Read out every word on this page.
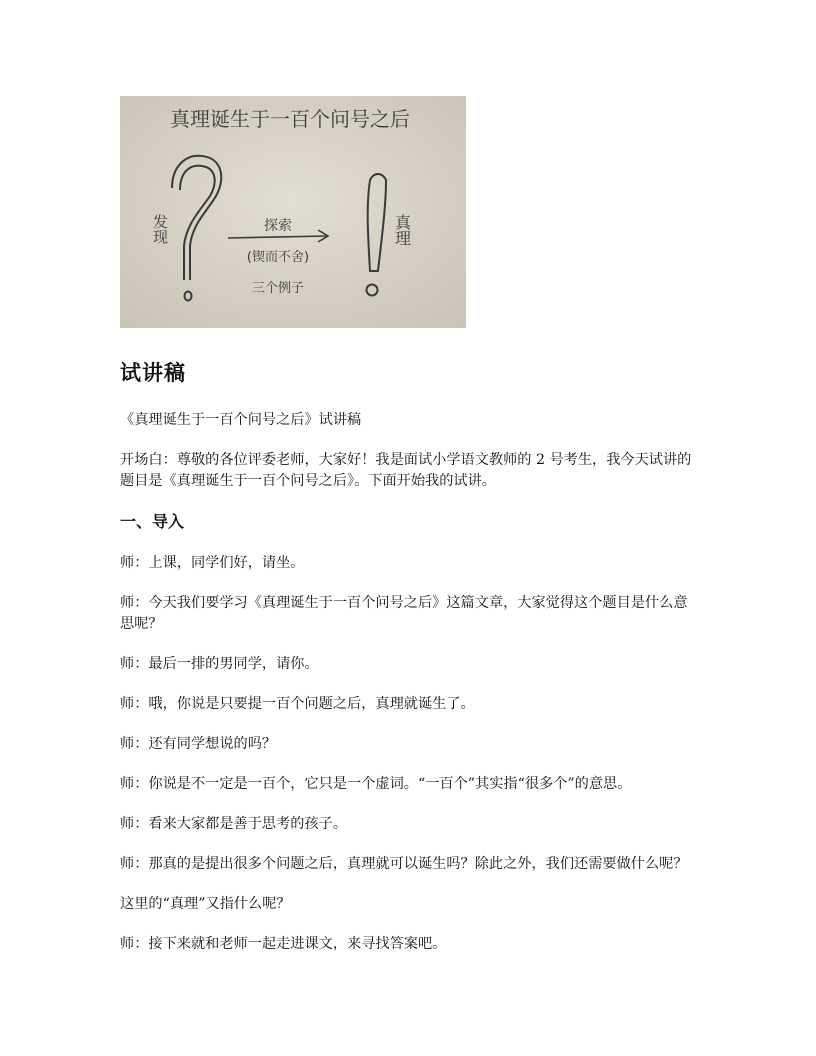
真理诞生于一百个问号之后
发现	真理
探索
(锲而不舍)
三个例子
试讲稿

《真理诞生于一百个问号之后》试讲稿

开场白：尊敬的各位评委老师，大家好！我是面试小学语文教师的 2 号考生，我今天试讲的题目是《真理诞生于一百个问号之后》。下面开始我的试讲。

一、导入

师：上课，同学们好，请坐。

师：今天我们要学习《真理诞生于一百个问号之后》这篇文章，大家觉得这个题目是什么意思呢？

师：最后一排的男同学，请你。

师：哦，你说是只要提一百个问题之后，真理就诞生了。

师：还有同学想说的吗？

师：你说是不一定是一百个，它只是一个虚词。“一百个”其实指“很多个”的意思。

师：看来大家都是善于思考的孩子。

师：那真的是提出很多个问题之后，真理就可以诞生吗？除此之外，我们还需要做什么呢？

这里的“真理”又指什么呢？

师：接下来就和老师一起走进课文，来寻找答案吧。
